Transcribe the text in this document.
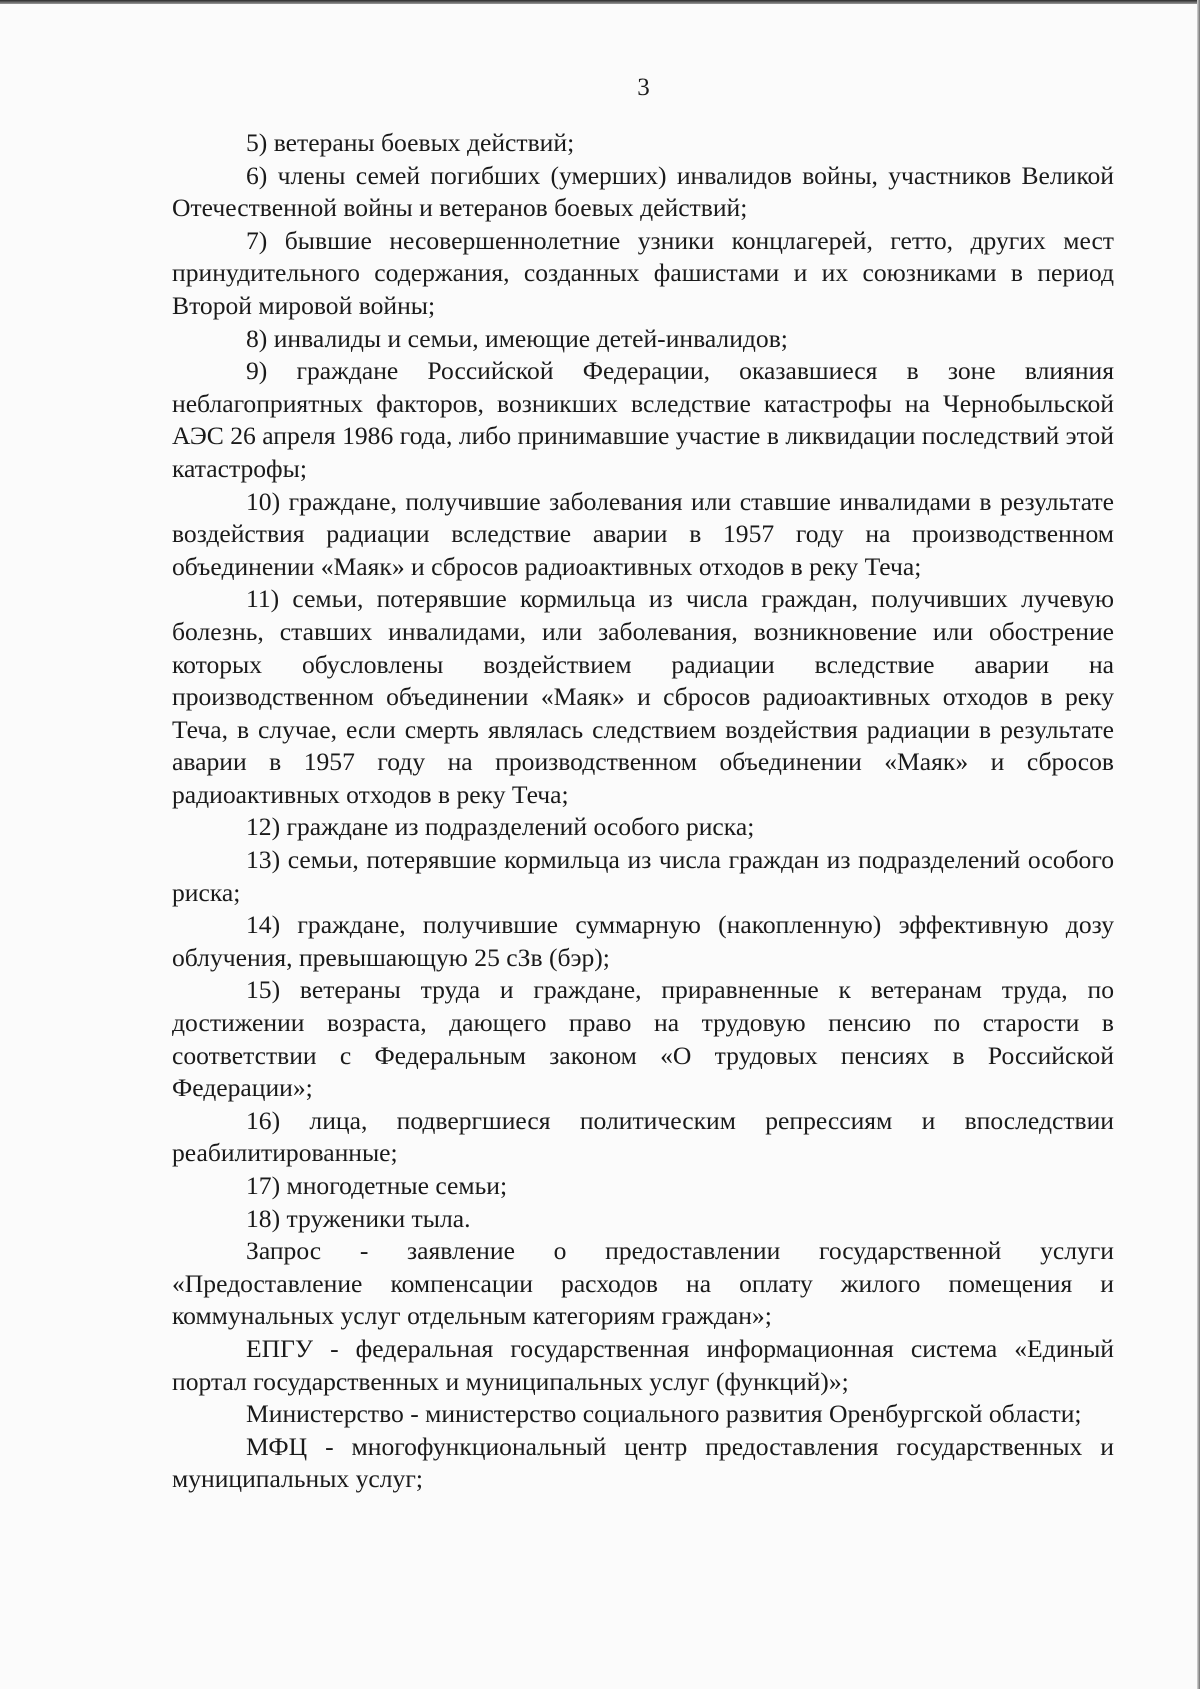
3

5) ветераны боевых действий;

6) члены семей погибших (умерших) инвалидов войны, участников Великой Отечественной войны и ветеранов боевых действий;

7) бывшие несовершеннолетние узники концлагерей, гетто, других мест принудительного содержания, созданных фашистами и их союзниками в период Второй мировой войны;

8) инвалиды и семьи, имеющие детей-инвалидов;

9) граждане Российской Федерации, оказавшиеся в зоне влияния неблагоприятных факторов, возникших вследствие катастрофы на Чернобыльской АЭС 26 апреля 1986 года, либо принимавшие участие в ликвидации последствий этой катастрофы;

10) граждане, получившие заболевания или ставшие инвалидами в результате воздействия радиации вследствие аварии в 1957 году на производственном объединении «Маяк» и сбросов радиоактивных отходов в реку Теча;

11) семьи, потерявшие кормильца из числа граждан, получивших лучевую болезнь, ставших инвалидами, или заболевания, возникновение или обострение которых обусловлены воздействием радиации вследствие аварии на производственном объединении «Маяк» и сбросов радиоактивных отходов в реку Теча, в случае, если смерть являлась следствием воздействия радиации в результате аварии в 1957 году на производственном объединении «Маяк» и сбросов радиоактивных отходов в реку Теча;

12) граждане из подразделений особого риска;

13) семьи, потерявшие кормильца из числа граждан из подразделений особого риска;

14) граждане, получившие суммарную (накопленную) эффективную дозу облучения, превышающую 25 сЗв (бэр);

15) ветераны труда и граждане, приравненные к ветеранам труда, по достижении возраста, дающего право на трудовую пенсию по старости в соответствии с Федеральным законом «О трудовых пенсиях в Российской Федерации»;

16) лица, подвергшиеся политическим репрессиям и впоследствии реабилитированные;

17) многодетные семьи;

18) труженики тыла.

Запрос - заявление о предоставлении государственной услуги «Предоставление компенсации расходов на оплату жилого помещения и коммунальных услуг отдельным категориям граждан»;

ЕПГУ - федеральная государственная информационная система «Единый портал государственных и муниципальных услуг (функций)»;

Министерство - министерство социального развития Оренбургской области;

МФЦ - многофункциональный центр предоставления государственных и муниципальных услуг;
